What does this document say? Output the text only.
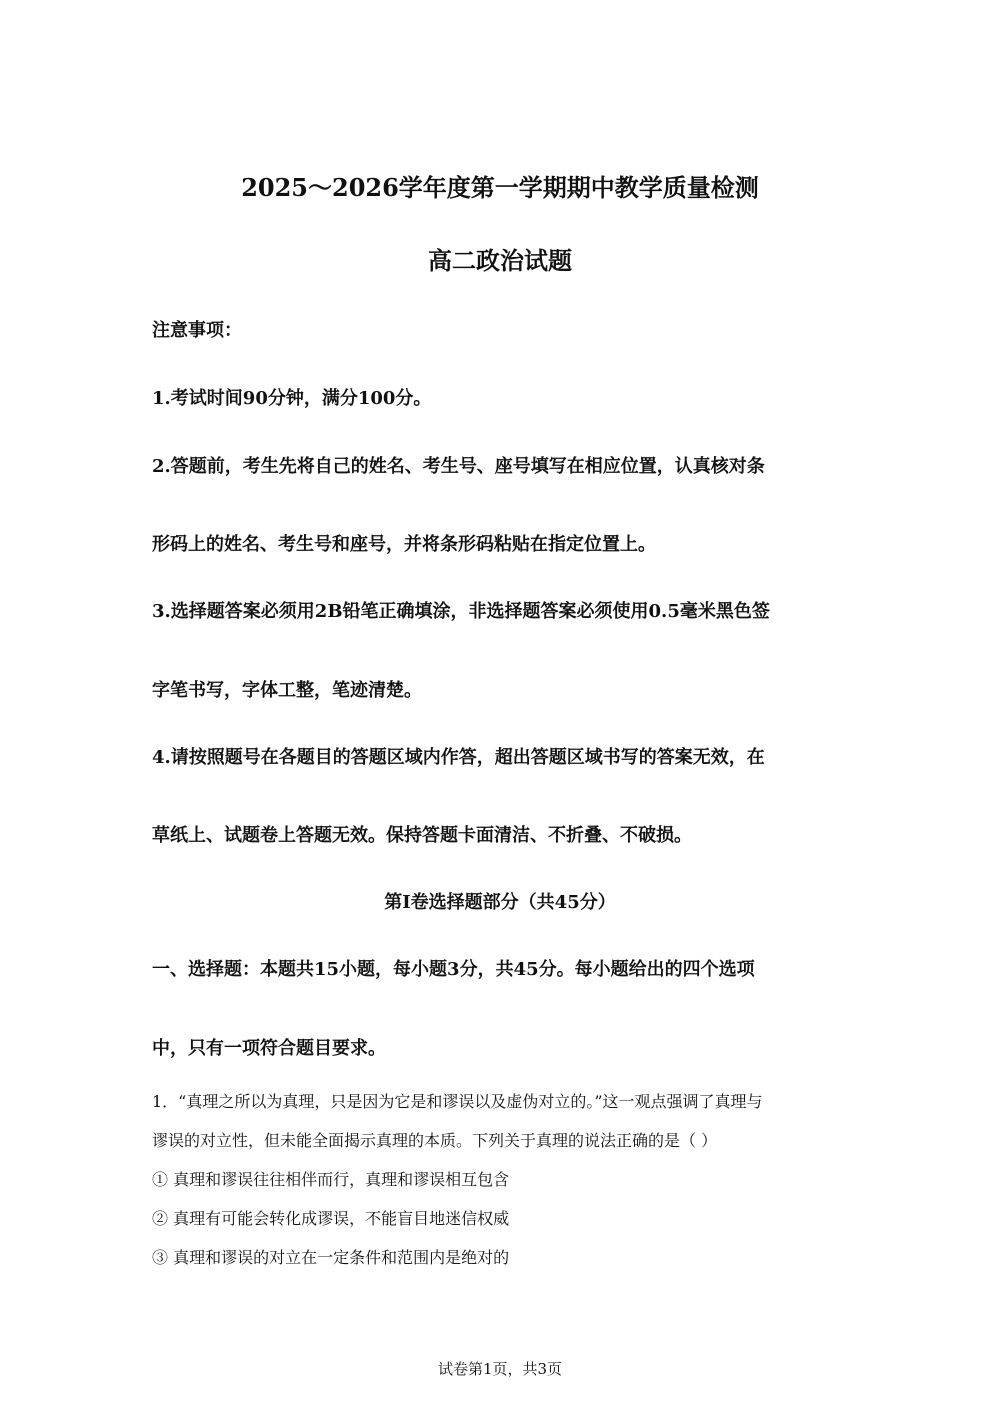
2025～2026学年度第一学期期中教学质量检测
高二政治试题
注意事项：
1.考试时间90分钟，满分100分。
2.答题前，考生先将自己的姓名、考生号、座号填写在相应位置，认真核对条
形码上的姓名、考生号和座号，并将条形码粘贴在指定位置上。
3.选择题答案必须用2B铅笔正确填涂，非选择题答案必须使用0.5毫米黑色签
字笔书写，字体工整，笔迹清楚。
4.请按照题号在各题目的答题区域内作答，超出答题区域书写的答案无效，在
草纸上、试题卷上答题无效。保持答题卡面清洁、不折叠、不破损。
第Ⅰ卷选择题部分（共45分）
一、选择题：本题共15小题，每小题3分，共45分。每小题给出的四个选项
中，只有一项符合题目要求。
1．“真理之所以为真理，只是因为它是和谬误以及虚伪对立的。”这一观点强调了真理与
谬误的对立性，但未能全面揭示真理的本质。下列关于真理的说法正确的是（ ）
① 真理和谬误往往相伴而行，真理和谬误相互包含
② 真理有可能会转化成谬误，不能盲目地迷信权威
③ 真理和谬误的对立在一定条件和范围内是绝对的
试卷第1页，共3页
